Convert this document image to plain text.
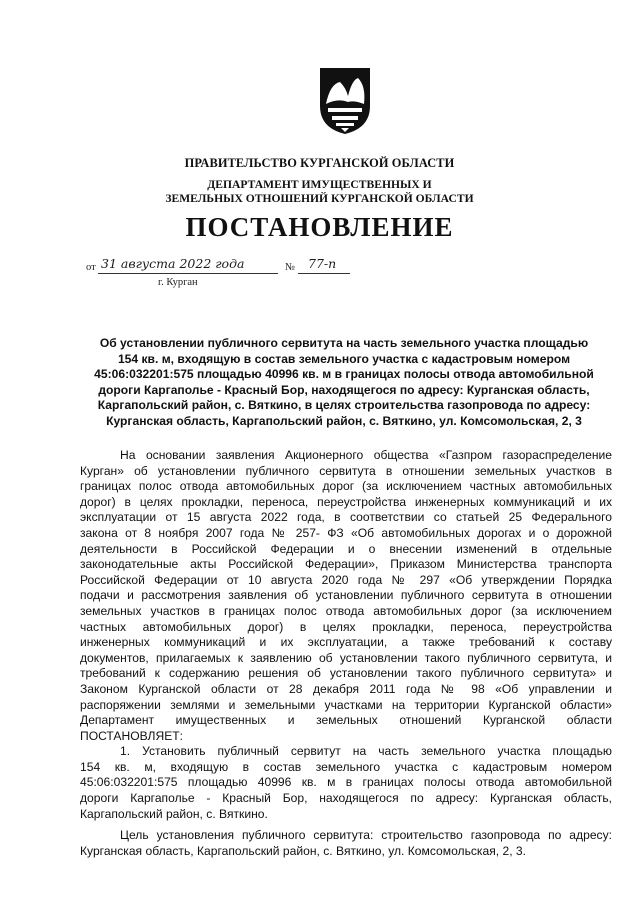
ПРАВИТЕЛЬСТВО КУРГАНСКОЙ ОБЛАСТИ
ДЕПАРТАМЕНТ ИМУЩЕСТВЕННЫХ И
ЗЕМЕЛЬНЫХ ОТНОШЕНИЙ КУРГАНСКОЙ ОБЛАСТИ
ПОСТАНОВЛЕНИЕ
от 31 августа 2022 года	№ 77-п
г. Курган
Об установлении публичного сервитута на часть земельного участка площадью
154 кв. м, входящую в состав земельного участка с кадастровым номером
45:06:032201:575 площадью 40996 кв. м в границах полосы отвода автомобильной
дороги Каргаполье - Красный Бор, находящегося по адресу: Курганская область,
Каргапольский район, с. Вяткино, в целях строительства газопровода по адресу:
Курганская область, Каргапольский район, с. Вяткино, ул. Комсомольская, 2, 3
На основании заявления Акционерного общества «Газпром газораспределение
Курган» об установлении публичного сервитута в отношении земельных участков в
границах полос отвода автомобильных дорог (за исключением частных автомобильных
дорог) в целях прокладки, переноса, переустройства инженерных коммуникаций и их
эксплуатации от 15 августа 2022 года, в соответствии со статьей 25 Федерального
закона от 8 ноября 2007 года № 257- ФЗ «Об автомобильных дорогах и о дорожной
деятельности в Российской Федерации и о внесении изменений в отдельные
законодательные акты Российской Федерации», Приказом Министерства транспорта
Российской Федерации от 10 августа 2020 года № 297 «Об утверждении Порядка
подачи и рассмотрения заявления об установлении публичного сервитута в отношении
земельных участков в границах полос отвода автомобильных дорог (за исключением
частных автомобильных дорог) в целях прокладки, переноса, переустройства
инженерных коммуникаций и их эксплуатации, а также требований к составу
документов, прилагаемых к заявлению об установлении такого публичного сервитута, и
требований к содержанию решения об установлении такого публичного сервитута» и
Законом Курганской области от 28 декабря 2011 года № 98 «Об управлении и
распоряжении землями и земельными участками на территории Курганской области»
Департамент имущественных и земельных отношений Курганской области
ПОСТАНОВЛЯЕТ:
1. Установить публичный сервитут на часть земельного участка площадью
154 кв. м, входящую в состав земельного участка с кадастровым номером
45:06:032201:575 площадью 40996 кв. м в границах полосы отвода автомобильной
дороги Каргаполье - Красный Бор, находящегося по адресу: Курганская область,
Каргапольский район, с. Вяткино.
Цель установления публичного сервитута: строительство газопровода по адресу:
Курганская область, Каргапольский район, с. Вяткино, ул. Комсомольская, 2, 3.
